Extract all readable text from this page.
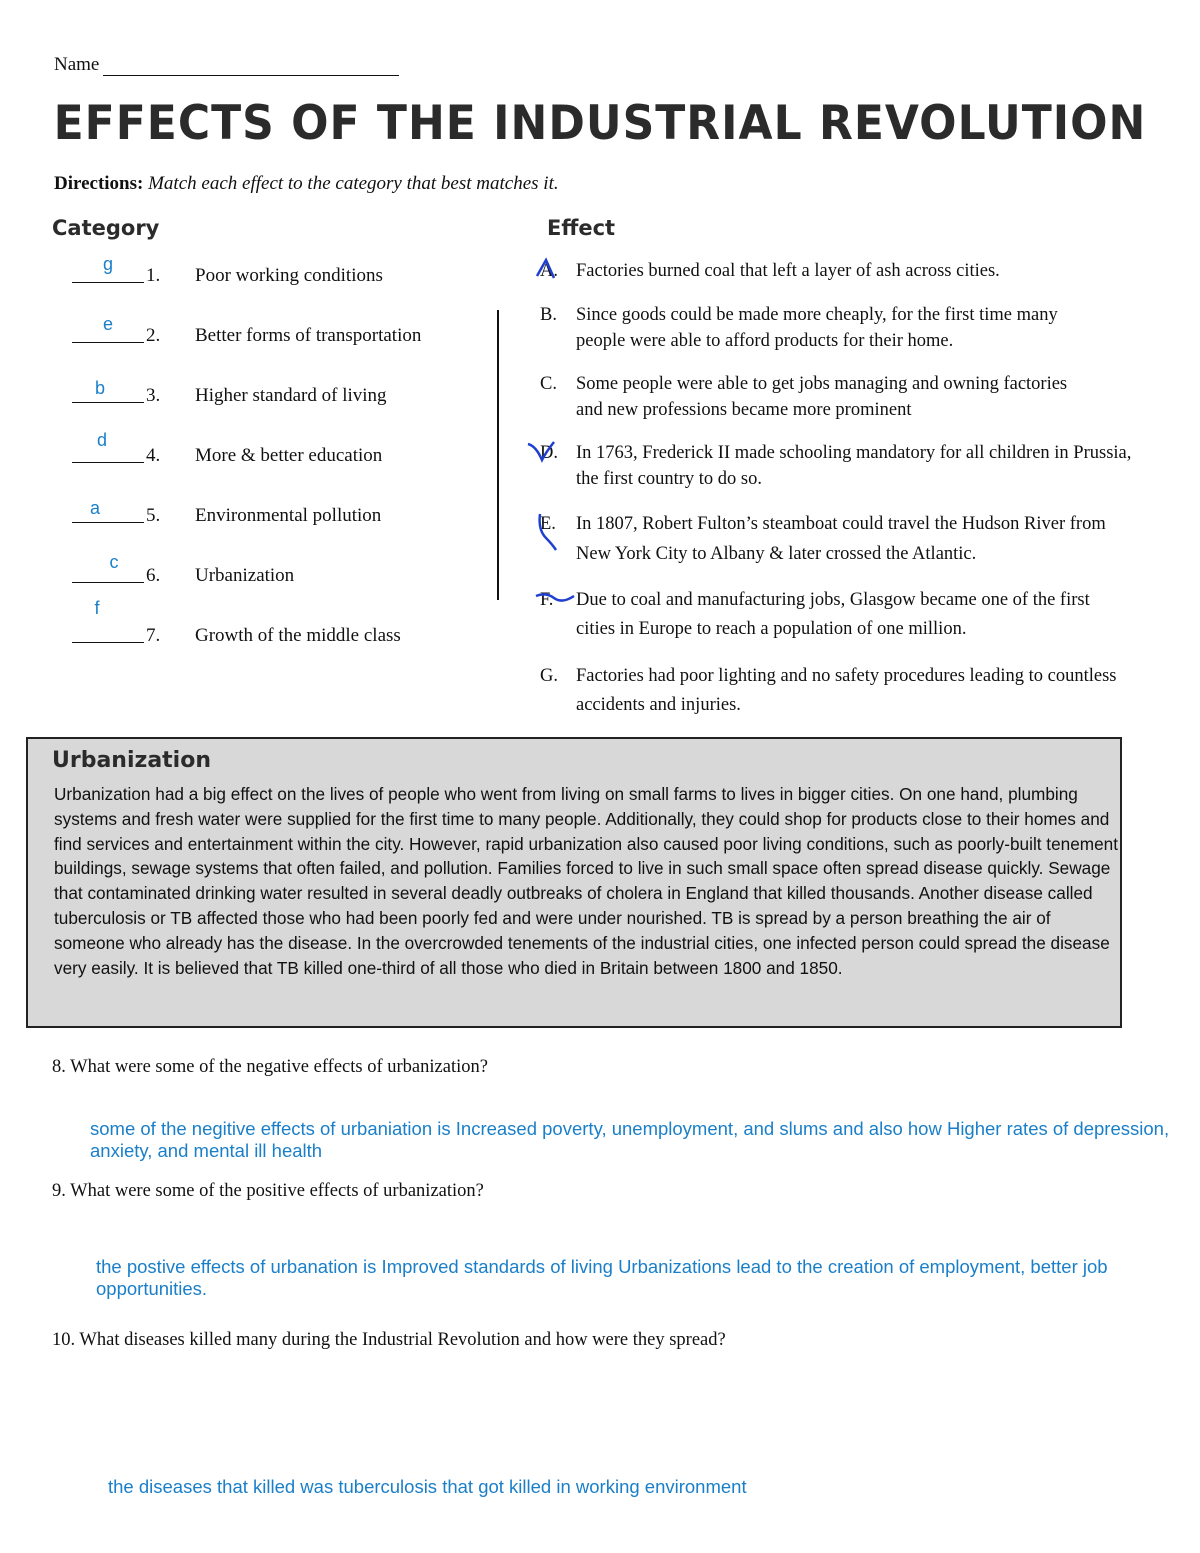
Name
EFFECTS OF THE INDUSTRIAL REVOLUTION
Directions: Match each effect to the category that best matches it.
Category	Effect
g
1. Poor working conditions
e
2. Better forms of transportation
b	3. Higher standard of living
d
4. More & better education
a	5. Environmental pollution
c
6. Urbanization
f
7. Growth of the middle class
A. Factories burned coal that left a layer of ash across cities.
B.	Since goods could be made more cheaply, for the first time many people were able to afford products for their home.
C.	Some people were able to get jobs managing and owning factories and new professions became more prominent
D. In 1763, Frederick II made schooling mandatory for all children in Prussia, the first country to do so.
E.	In 1807, Robert Fulton’s steamboat could travel the Hudson River from New York City to Albany & later crossed the Atlantic.
F.	Due to coal and manufacturing jobs, Glasgow became one of the first cities in Europe to reach a population of one million.
G. Factories had poor lighting and no safety procedures leading to countless accidents and injuries.
Urbanization
Urbanization had a big effect on the lives of people who went from living on small farms to lives in bigger cities. On one hand, plumbing systems and fresh water were supplied for the first time to many people. Additionally, they could shop for products close to their homes and find services and entertainment within the city. However, rapid urbanization also caused poor living conditions, such as poorly-built tenement buildings, sewage systems that often failed, and pollution. Families forced to live in such small space often spread disease quickly. Sewage that contaminated drinking water resulted in several deadly outbreaks of cholera in England that killed thousands. Another disease called tuberculosis or TB affected those who had been poorly fed and were under nourished. TB is spread by a person breathing the air of someone who already has the disease. In the overcrowded tenements of the industrial cities, one infected person could spread the disease very easily. It is believed that TB killed one-third of all those who died in Britain between 1800 and 1850.
8. What were some of the negative effects of urbanization?
some of the negitive effects of urbaniation is Increased poverty, unemployment, and slums and also how Higher rates of depression, anxiety, and mental ill health
9. What were some of the positive effects of urbanization?
the postive effects of urbanation is Improved standards of living Urbanizations lead to the creation of employment, better job opportunities.
10. What diseases killed many during the Industrial Revolution and how were they spread?
the diseases that killed was tuberculosis that got killed in working environment
